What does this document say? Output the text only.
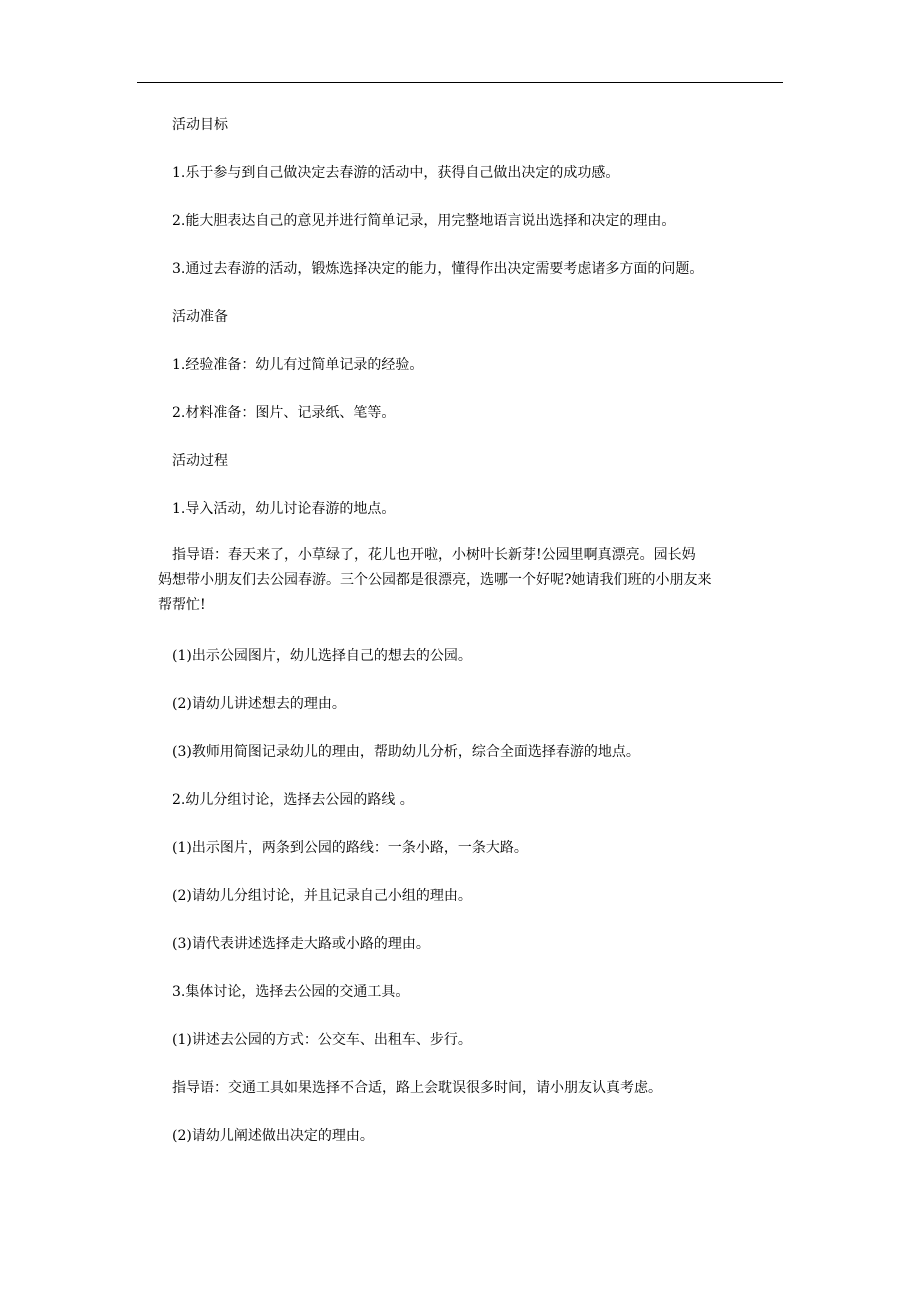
活动目标
1.乐于参与到自己做决定去春游的活动中，获得自己做出决定的成功感。
2.能大胆表达自己的意见并进行简单记录，用完整地语言说出选择和决定的理由。
3.通过去春游的活动，锻炼选择决定的能力，懂得作出决定需要考虑诸多方面的问题。
活动准备
1.经验准备：幼儿有过简单记录的经验。
2.材料准备：图片、记录纸、笔等。
活动过程
1.导入活动，幼儿讨论春游的地点。
指导语：春天来了，小草绿了，花儿也开啦，小树叶长新芽!公园里啊真漂亮。园长妈
妈想带小朋友们去公园春游。三个公园都是很漂亮，选哪一个好呢?她请我们班的小朋友来
帮帮忙!
(1)出示公园图片，幼儿选择自己的想去的公园。
(2)请幼儿讲述想去的理由。
(3)教师用简图记录幼儿的理由，帮助幼儿分析，综合全面选择春游的地点。
2.幼儿分组讨论，选择去公园的路线 。
(1)出示图片，两条到公园的路线：一条小路，一条大路。
(2)请幼儿分组讨论，并且记录自己小组的理由。
(3)请代表讲述选择走大路或小路的理由。
3.集体讨论，选择去公园的交通工具。
(1)讲述去公园的方式：公交车、出租车、步行。
指导语：交通工具如果选择不合适，路上会耽误很多时间，请小朋友认真考虑。
(2)请幼儿阐述做出决定的理由。
